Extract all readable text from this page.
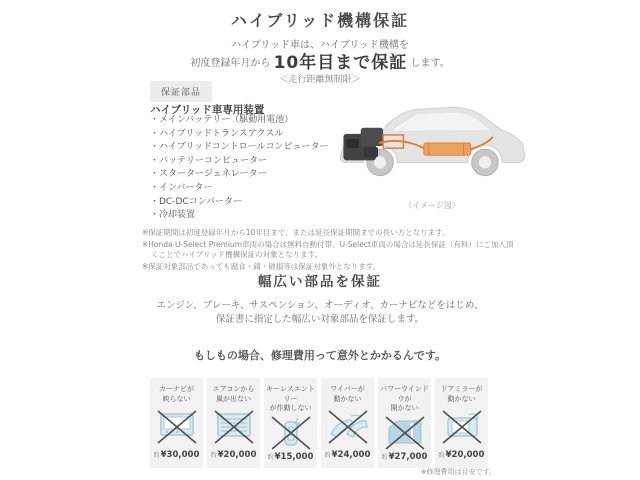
ハイブリッド機構保証

ハイブリッド車は、ハイブリッド機構を

初度登録年月から 10年目まで保証 します。

＜走行距離無制限＞

保証部品
ハイブリッド車専用装置
・メインバッテリー（駆動用電池）
・ハイブリッドトランスアクスル
・ハイブリッドコントロールコンピューター
・バッテリーコンピューター
・スタータージェネレーター
・インバーター
・DC-DCコンバーター
・冷却装置

（イメージ図）

※保証期間は初度登録年月から10年目まで、または延長保証期間までの長い方となります。

※Honda U-Select Premium車両の場合は無料自動付帯、U-Select車両の場合は延長保証（有料）にご加入頂くことでハイブリッド機構保証の対象となります。

※保証対象部品であっても腐食・錆・破損等は保証対象外となります。

幅広い部品を保証

エンジン、ブレーキ、サスペンション、オーディオ、カーナビなどをはじめ、

保証書に指定した幅広い対象部品を保証します。

もしもの場合、修理費用って意外とかかるんです。

カーナビが
映らない

約¥30,000

エアコンから
風が出ない

約¥20,000

キーレスエントリー
が作動しない

約¥15,000

ワイパーが
動かない

約¥24,000

パワーウインドウが
開かない

約¥27,000

ドアミラーが
動かない

約¥20,000

※修理費用は目安です。
